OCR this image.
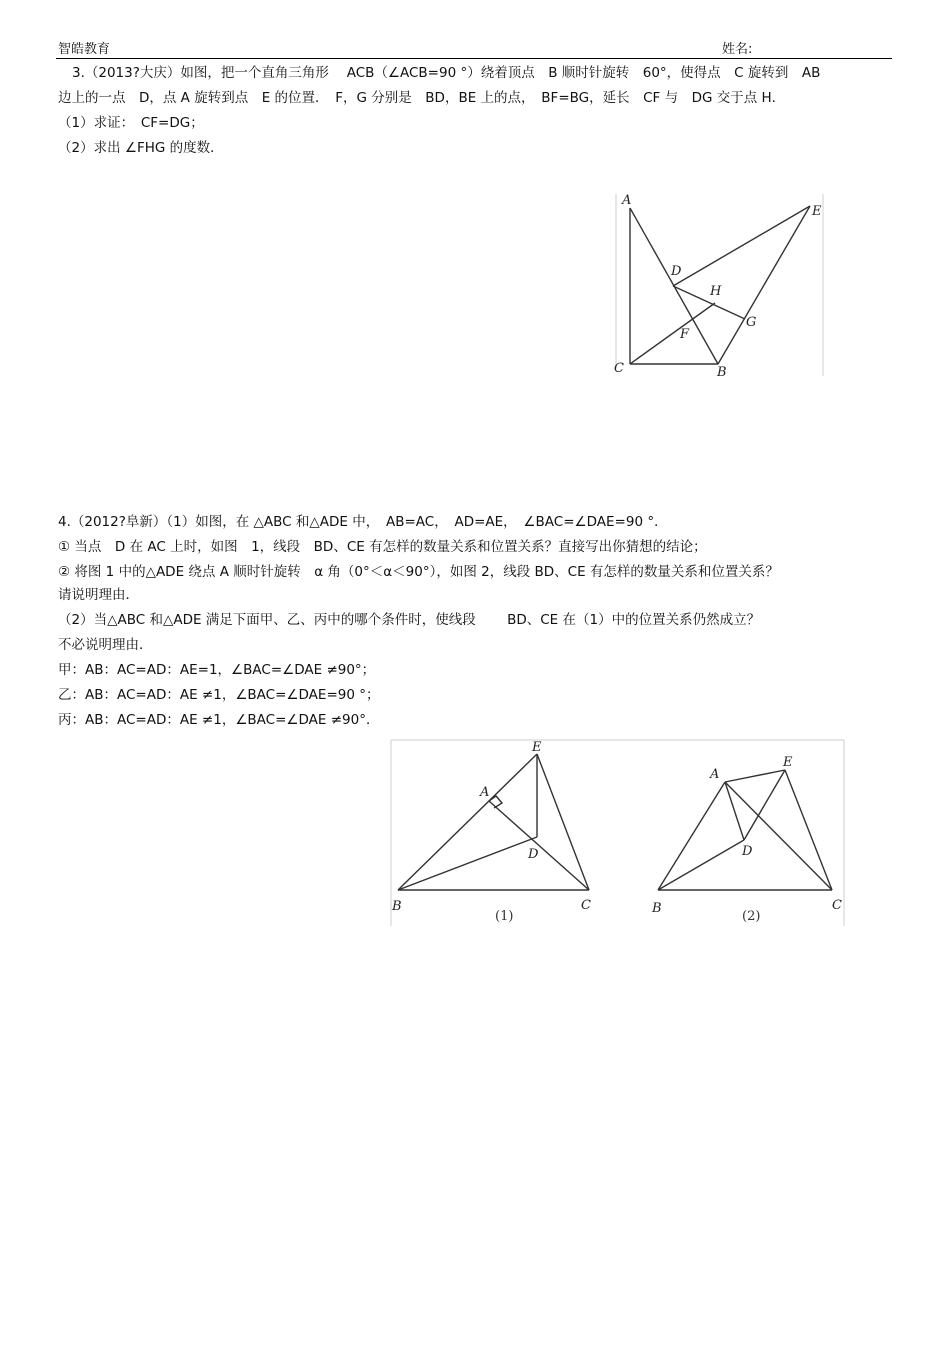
智皓教育	姓名:
3.（2013?大庆）如图，把一个直角三角形　 ACB（∠ACB=90 °）绕着顶点　B 顺时针旋转　60°，使得点　C 旋转到　AB
边上的一点　D，点 A 旋转到点　E 的位置．　F，G 分别是　BD，BE 上的点，　BF=BG，延长　CF 与　DG 交于点 H．
（1）求证：　CF=DG；
（2）求出 ∠FHG 的度数．
A
E
D
H
G
F
C	B
4.（2012?阜新）（1）如图，在 △ABC 和△ADE 中，　AB=AC，　AD=AE，　∠BAC=∠DAE=90 °．
① 当点　D 在 AC 上时，如图　1，线段　BD、CE 有怎样的数量关系和位置关系？直接写出你猜想的结论；
② 将图 1 中的△ADE 绕点 A 顺时针旋转　α 角（0°＜α＜90°），如图 2，线段 BD、CE 有怎样的数量关系和位置关系？
请说明理由．
（2）当△ABC 和△ADE 满足下面甲、乙、丙中的哪个条件时，使线段　　 BD、CE 在（1）中的位置关系仍然成立？
不必说明理由．
甲：AB：AC=AD：AE=1，∠BAC=∠DAE ≠90°；
乙：AB：AC=AD：AE ≠1，∠BAC=∠DAE=90 °；
丙：AB：AC=AD：AE ≠1，∠BAC=∠DAE ≠90°．
E
A
D
B	C
(1)
A
E
D
B	C
(2)
